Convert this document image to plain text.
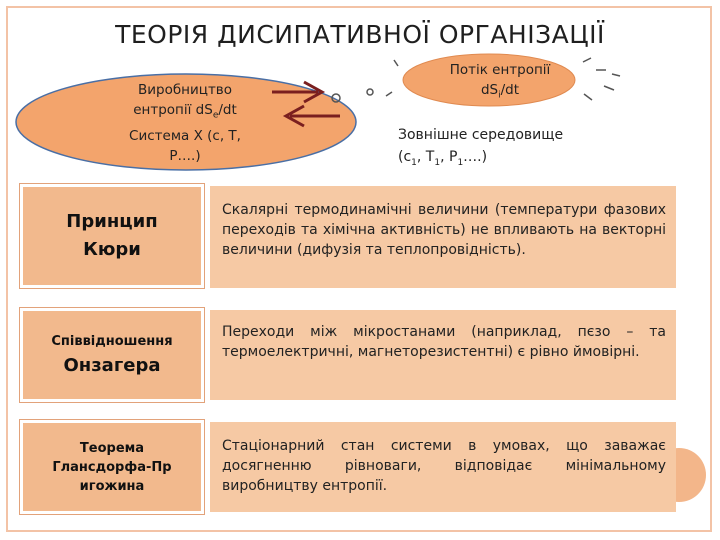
ТЕОРІЯ ДИСИПАТИВНОЇ ОРГАНІЗАЦІЇ
Виробництво
ентропії $dS_e/dt$
Система Х (с, Т,
Р….)
Потік ентропії
$dS_i/dt$
Зовнішне середовище
($с_1$, $Т_1$, $Р_1\dots$.)
Принцип
Кюри
Скалярні термодинамічні величини (температури фазових переходів та хімічна активність) не впливають на векторні величини (дифузія та теплопровідність).
Співвідношення
Онзагера
Переходи між мікростанами (наприклад, пєзо – та термоелектричні, магнеторезистентні) є рівно ймовірні.
Теорема
Гланcдорфа-Пр
игожина
Стаціонарний стан системи в умовах, що заважає досягненню рівноваги, відповідає мінімальному виробництву ентропії.
